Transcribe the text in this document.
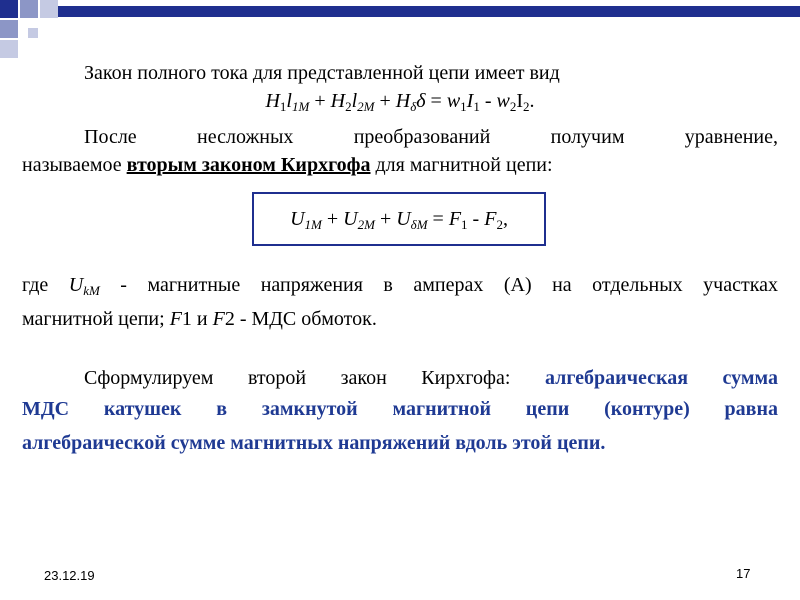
Закон полного тока для представленной цепи имеет вид
$H_1l_{1М} + H_2l_{2М} + H_\delta\delta = w_1I_1 - w_2I_2$.
После несложных преобразований получим уравнение,
называемое вторым законом Кирхгофа для магнитной цепи:
$U_{1М} + U_{2М} + U_{\delta М} = F_1 - F_2$,
где $U_{kМ}$ - магнитные напряжения в амперах (А) на отдельных участках
магнитной цепи; F1 и F2 - МДС обмоток.
Сформулируем второй закон Кирхгофа: алгебраическая сумма
МДС катушек в замкнутой магнитной цепи (контуре) равна
алгебраической сумме магнитных напряжений вдоль этой цепи.
23.12.19	17
